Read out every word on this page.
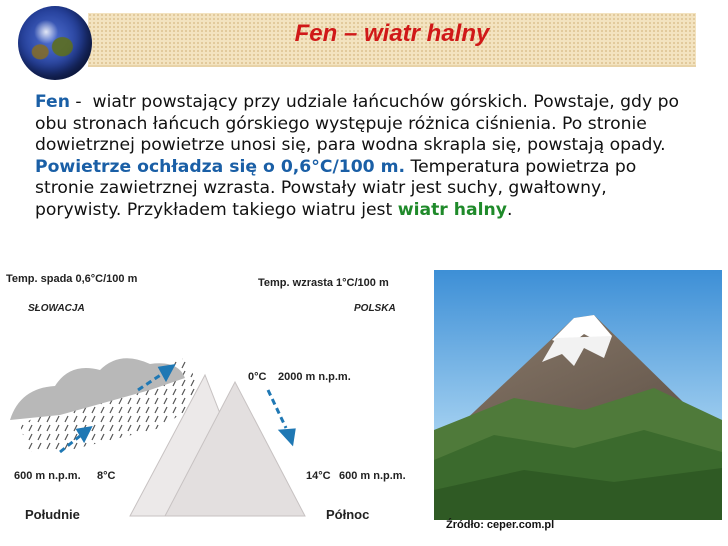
Fen – wiatr halny
Fen -  wiatr powstający przy udziale łańcuchów górskich. Powstaje, gdy po obu stronach łańcuch górskiego występuje różnica ciśnienia. Po stronie dowietrznej powietrze unosi się, para wodna skrapla się, powstają opady. Powietrze ochładza się o 0,6°C/100 m. Temperatura powietrza po stronie zawietrznej wzrasta. Powstały wiatr jest suchy, gwałtowny, porywisty. Przykładem takiego wiatru jest wiatr halny.
Temp. spada 0,6°C/100 m	Temp. wzrasta 1°C/100 m
SŁOWACJA	POLSKA
0°C 2000 m n.p.m.
600 m n.p.m. 8°C	14°C 600 m n.p.m.
Południe	Północ
Źródło: ceper.com.pl
